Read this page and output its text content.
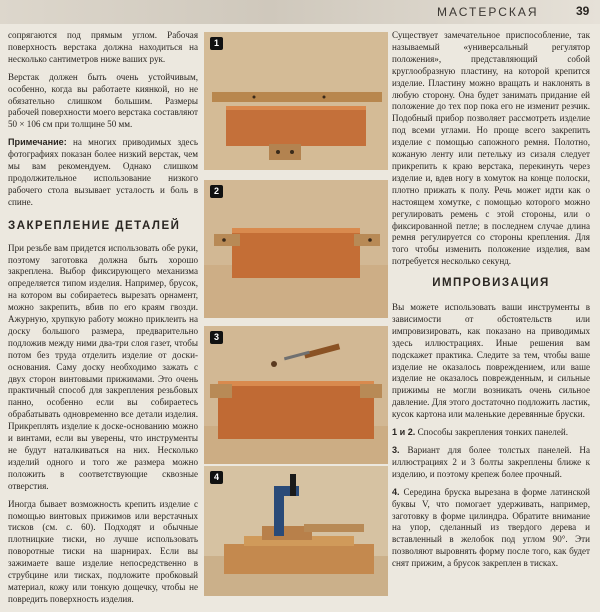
МАСТЕРСКАЯ	39

сопрягаются под прямым углом. Рабочая поверхность верстака должна находиться на несколько сантиметров ниже ваших рук.

Верстак должен быть очень устойчивым, особенно, когда вы работаете киянкой, но не обязательно слишком большим. Размеры рабочей поверхности моего верстака составляют 50 × 106 см при толщине 50 мм.

Примечание: на многих приводимых здесь фотографиях показан более низкий верстак, чем мы вам рекомендуем. Однако слишком продолжительное использование низкого рабочего стола вызывает усталость и боль в спине.

ЗАКРЕПЛЕНИЕ ДЕТАЛЕЙ

При резьбе вам придется использовать обе руки, поэтому заготовка должна быть хорошо закреплена. Выбор фиксирующего механизма определяется типом изделия. Например, брусок, на котором вы собираетесь вырезать орнамент, можно закрепить, вбив по его краям гвозди. Ажурную, хрупкую работу можно приклеить на доску большого размера, предварительно подложив между ними два-три слоя газет, чтобы потом без труда отделить изделие от доски-основания. Саму доску необходимо зажать с двух сторон винтовыми прижимами. Это очень практичный способ для закрепления резьбовых панно, особенно если вы собираетесь обрабатывать одновременно все детали изделия. Прикреплять изделие к доске-основанию можно и винтами, если вы уверены, что инструменты не будут наталкиваться на них. Несколько изделий одного и того же размера можно положить в соответствующие сквозные отверстия.

Иногда бывает возможность крепить изделие с помощью винтовых прижимов или верстачных тисков (см. с. 60). Подходят и обычные плотницкие тиски, но лучше использовать поворотные тиски на шарнирах. Если вы зажимаете ваше изделие непосредственно в струбцине или тисках, подложите пробковый материал, кожу или тонкую дощечку, чтобы не повредить поверхность изделия.

1
2
3
4

Существует замечательное приспособление, так называемый «универсальный регулятор положения», представляющий собой круглообразную пластину, на которой крепится изделие. Пластину можно вращать и наклонять в любую сторону. Она будет занимать придание ей положение до тех пор пока его не изменит резчик. Подобный прибор позволяет рассмотреть изделие под всеми углами. Но проще всего закрепить изделие с помощью сапожного ремня. Полотно, кожаную ленту или петельку из сизаля следует прикрепить к краю верстака, перекинуть через изделие и, вдев ногу в хомуток на конце полоски, плотно прижать к полу. Речь может идти как о настоящем хомутке, с помощью которого можно регулировать ремень с этой стороны, или о фиксированной петле; в последнем случае длина ремня регулируется со стороны крепления. Для того чтобы изменить положение изделия, вам потребуется несколько секунд.

ИМПРОВИЗАЦИЯ

Вы можете использовать ваши инструменты в зависимости от обстоятельств или импровизировать, как показано на приводимых здесь иллюстрациях. Иные решения вам подскажет практика. Следите за тем, чтобы ваше изделие не оказалось повреждением, или ваше изделие не оказалось поврежденным, и сильные прижимы не могли возникать очень сильное давление. Для этого достаточно подложить ластик, кусок картона или маленькие деревянные бруски.

1 и 2. Способы закрепления тонких панелей.

3. Вариант для более толстых панелей. На иллюстрациях 2 и 3 болты закреплены ближе к изделию, и поэтому крепеж более прочный.

4. Середина бруска вырезана в форме латинской буквы V, что помогает удерживать, например, заготовку в форме цилиндра. Обратите внимание на упор, сделанный из твердого дерева и вставленный в желобок под углом 90°. Эти позволяют выровнять форму после того, как будет снят прижим, а брусок закреплен в тисках.
